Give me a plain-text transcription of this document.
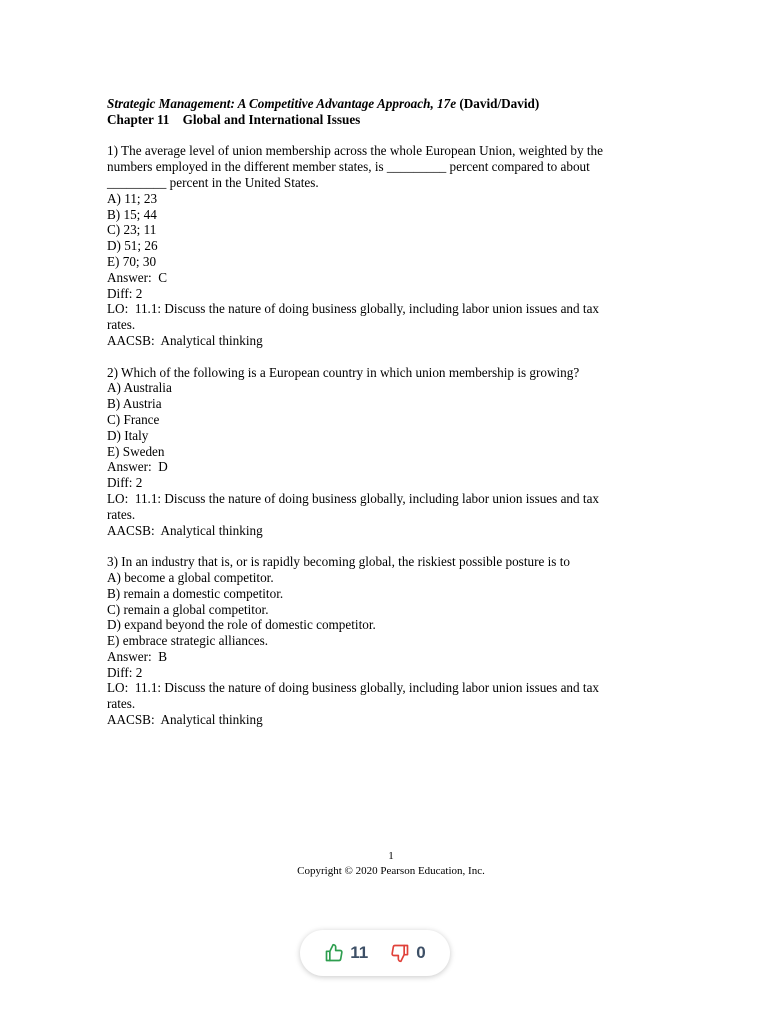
Strategic Management: A Competitive Advantage Approach, 17e (David/David)
Chapter 11    Global and International Issues
1) The average level of union membership across the whole European Union, weighted by the
numbers employed in the different member states, is _________ percent compared to about
_________ percent in the United States.
A) 11; 23
B) 15; 44
C) 23; 11
D) 51; 26
E) 70; 30
Answer:  C
Diff: 2
LO:  11.1: Discuss the nature of doing business globally, including labor union issues and tax
rates.
AACSB:  Analytical thinking
2) Which of the following is a European country in which union membership is growing?
A) Australia
B) Austria
C) France
D) Italy
E) Sweden
Answer:  D
Diff: 2
LO:  11.1: Discuss the nature of doing business globally, including labor union issues and tax
rates.
AACSB:  Analytical thinking
3) In an industry that is, or is rapidly becoming global, the riskiest possible posture is to
A) become a global competitor.
B) remain a domestic competitor.
C) remain a global competitor.
D) expand beyond the role of domestic competitor.
E) embrace strategic alliances.
Answer:  B
Diff: 2
LO:  11.1: Discuss the nature of doing business globally, including labor union issues and tax
rates.
AACSB:  Analytical thinking
1
Copyright © 2020 Pearson Education, Inc.
11	0
